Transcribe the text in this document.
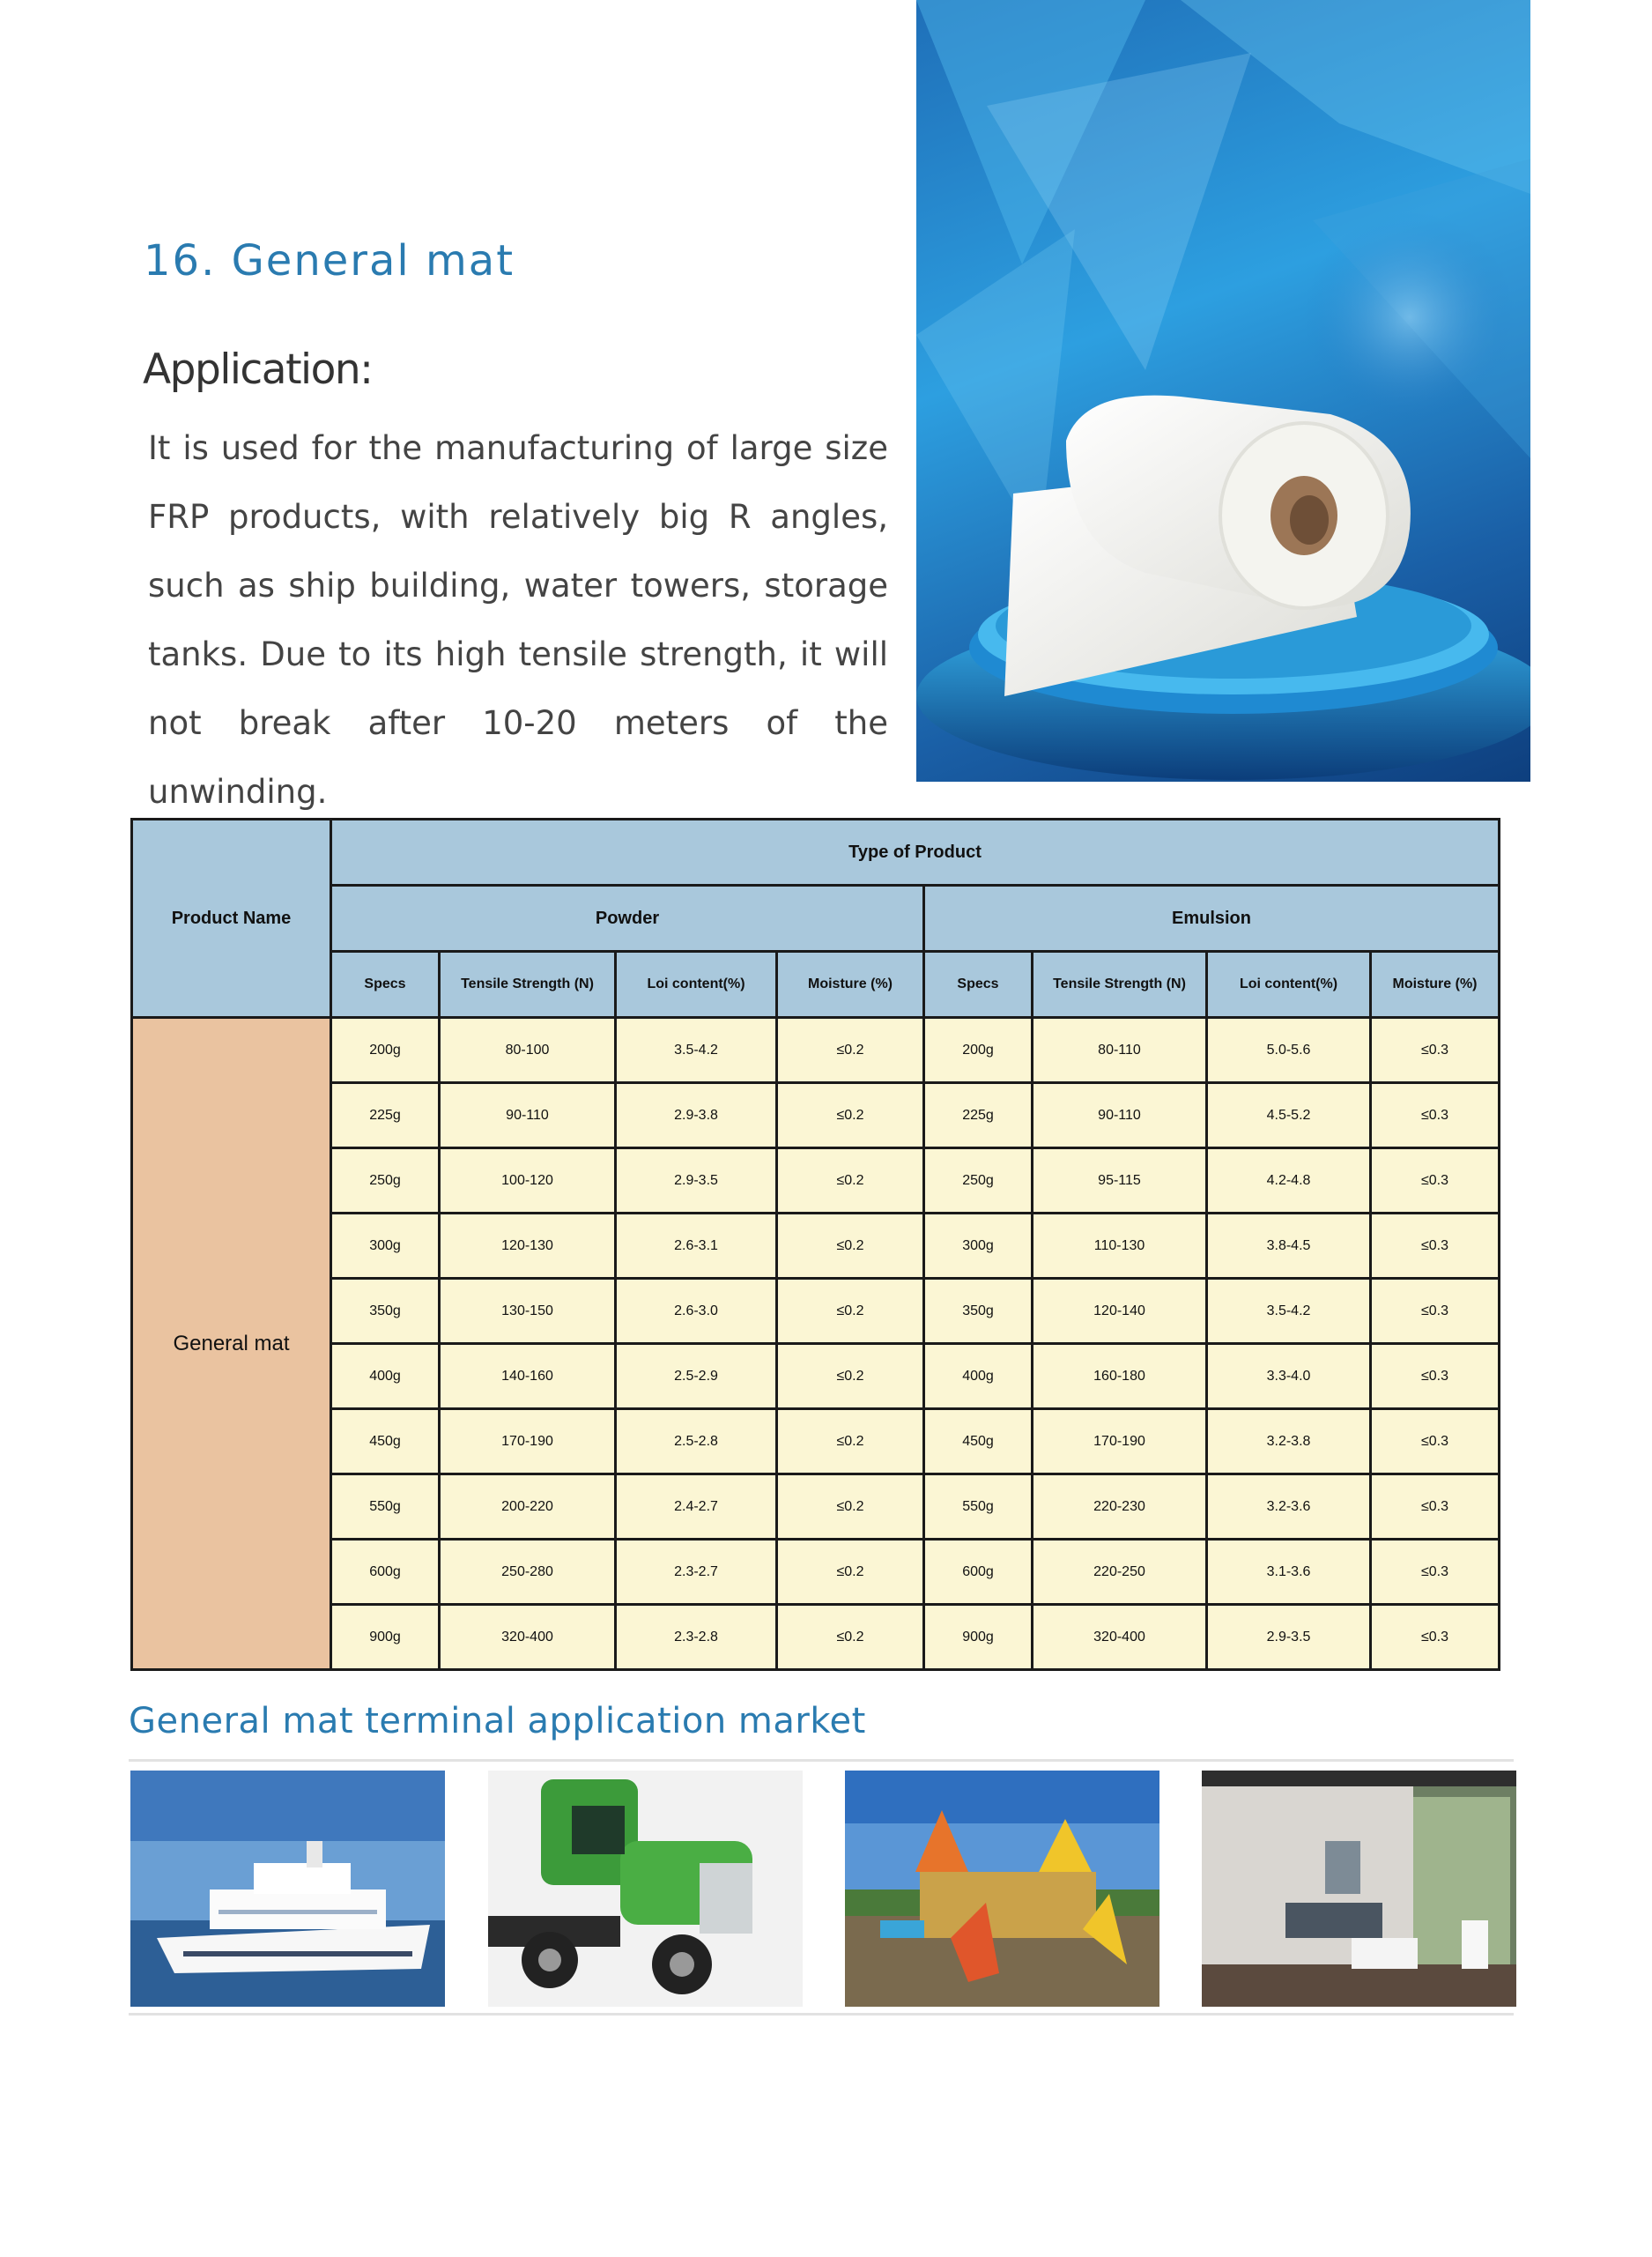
16. General mat
Application:

It is used for the manufacturing of large size FRP products, with relatively big R angles, such as ship building, water towers, storage tanks. Due to its high tensile strength, it will not break after 10-20 meters of the unwinding.

Product Name	Type of Product							
	Powder				Emulsion			
	Specs	Tensile Strength (N)	Loi content(%)	Moisture (%)	Specs	Tensile Strength (N)	Loi content(%)	Moisture (%)
General mat	200g	80-100	3.5-4.2	≤0.2	200g	80-110	5.0-5.6	≤0.3
	225g	90-110	2.9-3.8	≤0.2	225g	90-110	4.5-5.2	≤0.3
	250g	100-120	2.9-3.5	≤0.2	250g	95-115	4.2-4.8	≤0.3
	300g	120-130	2.6-3.1	≤0.2	300g	110-130	3.8-4.5	≤0.3
	350g	130-150	2.6-3.0	≤0.2	350g	120-140	3.5-4.2	≤0.3
	400g	140-160	2.5-2.9	≤0.2	400g	160-180	3.3-4.0	≤0.3
	450g	170-190	2.5-2.8	≤0.2	450g	170-190	3.2-3.8	≤0.3
	550g	200-220	2.4-2.7	≤0.2	550g	220-230	3.2-3.6	≤0.3
	600g	250-280	2.3-2.7	≤0.2	600g	220-250	3.1-3.6	≤0.3
	900g	320-400	2.3-2.8	≤0.2	900g	320-400	2.9-3.5	≤0.3
General mat terminal application market
